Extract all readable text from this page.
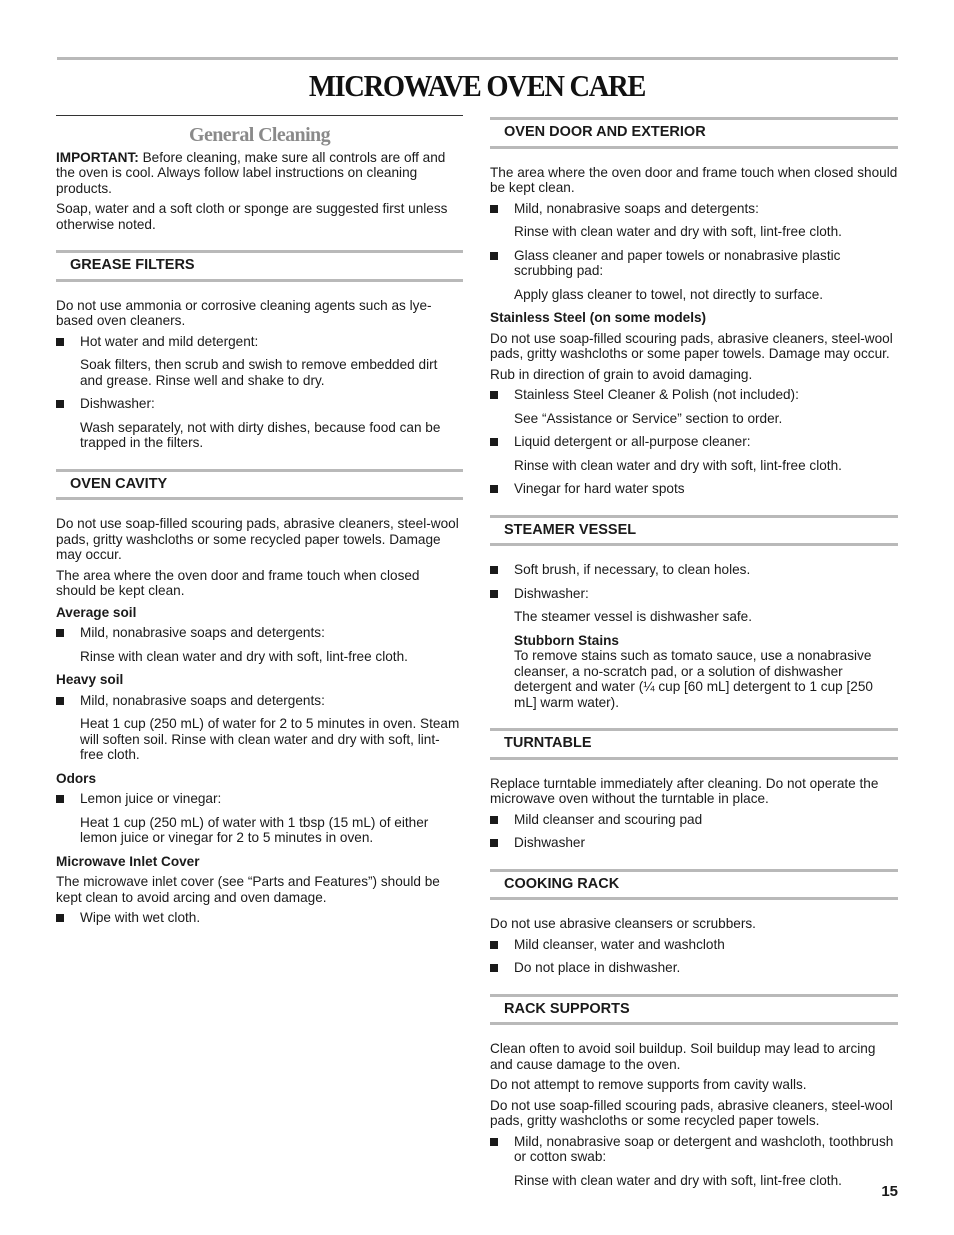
MICROWAVE OVEN CARE
General Cleaning

IMPORTANT: Before cleaning, make sure all controls are off and the oven is cool. Always follow label instructions on cleaning products.

Soap, water and a soft cloth or sponge are suggested first unless otherwise noted.

GREASE FILTERS

Do not use ammonia or corrosive cleaning agents such as lye-based oven cleaners.

Hot water and mild detergent:
Soak filters, then scrub and swish to remove embedded dirt and grease. Rinse well and shake to dry.
Dishwasher:
Wash separately, not with dirty dishes, because food can be trapped in the filters.
OVEN CAVITY

Do not use soap-filled scouring pads, abrasive cleaners, steel-wool pads, gritty washcloths or some recycled paper towels. Damage may occur.

The area where the oven door and frame touch when closed should be kept clean.

Average soil
Mild, nonabrasive soaps and detergents:
Rinse with clean water and dry with soft, lint-free cloth.
Heavy soil
Mild, nonabrasive soaps and detergents:
Heat 1 cup (250 mL) of water for 2 to 5 minutes in oven. Steam will soften soil. Rinse with clean water and dry with soft, lint-free cloth.
Odors
Lemon juice or vinegar:
Heat 1 cup (250 mL) of water with 1 tbsp (15 mL) of either lemon juice or vinegar for 2 to 5 minutes in oven.
Microwave Inlet Cover

The microwave inlet cover (see “Parts and Features”) should be kept clean to avoid arcing and oven damage.

Wipe with wet cloth.
OVEN DOOR AND EXTERIOR

The area where the oven door and frame touch when closed should be kept clean.

Mild, nonabrasive soaps and detergents:
Rinse with clean water and dry with soft, lint-free cloth.
Glass cleaner and paper towels or nonabrasive plastic scrubbing pad:
Apply glass cleaner to towel, not directly to surface.
Stainless Steel (on some models)

Do not use soap-filled scouring pads, abrasive cleaners, steel-wool pads, gritty washcloths or some paper towels. Damage may occur.

Rub in direction of grain to avoid damaging.

Stainless Steel Cleaner & Polish (not included):
See “Assistance or Service” section to order.
Liquid detergent or all-purpose cleaner:
Rinse with clean water and dry with soft, lint-free cloth.
Vinegar for hard water spots
STEAMER VESSEL
Soft brush, if necessary, to clean holes.
Dishwasher:
The steamer vessel is dishwasher safe.
Stubborn Stains
To remove stains such as tomato sauce, use a nonabrasive cleanser, a no-scratch pad, or a solution of dishwasher detergent and water (¼ cup [60 mL] detergent to 1 cup [250 mL] warm water).
TURNTABLE

Replace turntable immediately after cleaning. Do not operate the microwave oven without the turntable in place.

Mild cleanser and scouring pad
Dishwasher
COOKING RACK

Do not use abrasive cleansers or scrubbers.

Mild cleanser, water and washcloth
Do not place in dishwasher.
RACK SUPPORTS

Clean often to avoid soil buildup. Soil buildup may lead to arcing and cause damage to the oven.

Do not attempt to remove supports from cavity walls.

Do not use soap-filled scouring pads, abrasive cleaners, steel-wool pads, gritty washcloths or some recycled paper towels.

Mild, nonabrasive soap or detergent and washcloth, toothbrush or cotton swab:
Rinse with clean water and dry with soft, lint-free cloth.
15
